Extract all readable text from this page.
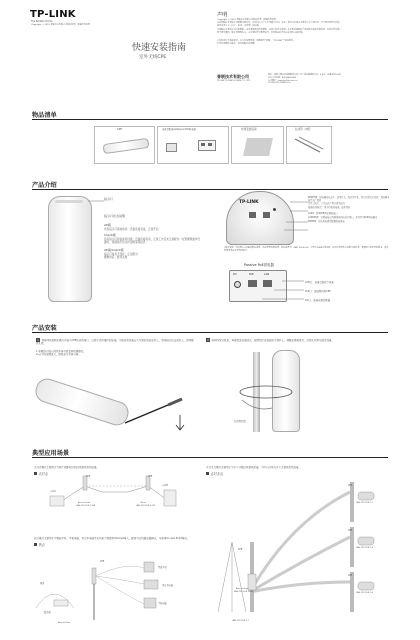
TP-LINK
The Reliable Choice
Copyright © 2015 普联技术有限公司版权所有，保留所有权利
快速安装指南
室外无线CPE
声明
Copyright © 2015 普联技术有限公司版权所有，保留所有权利
未经普联技术有限公司明确书面许可，任何单位或个人不得擅自仿制、复制、誊抄或转译本手册部分或全部内容，且不得以营利为目的
进行任何方式（电子、影印、录制等）的传播。
为普联技术有限公司注册商标。本手册提及的所有商标，由各自所有人拥有。本手册所提到的产品规格和资讯仅供参考，如有内容更新，
恕不另行通知。除非有特殊约定，本手册仅作为使用指导，所作陈述均不构成任何形式的担保。
安装前请先下载并阅读，在安装和使用前，请确保有"普联"、"TP-LINK"产品和附件，
若有任何损坏或缺失，请及时联系经销商。
普联技术有限公司
TP-LINK TECHNOLOGIES CO., LTD.
地址：深圳市南山区深南路科技园工业厂房24栋南段1层、3-5层、28栋北段1-4层
技术支持热线：400-8863-400
公司网址：www.tp-link.com.cn
7103501753 REV1.0.0
物品清单
CPE	电源适配器+Passive PoE供电器	快速安装指南	扎线带（2根）
产品介绍
指示灯
指示灯状态说明
AP模
所有指示灯保持常亮：设备连接有线，正常开启
Client模
所有指示灯同步常亮闪烁：设备连接有线，正常工作且未正常配对（在管理界面中设置时，将提供打包文件说明等等信息）
AP模/Client模
指示灯常亮不变化：正在配对
要修改后：配对失败
TP-LINK
RESET键：设备通电状态下，使用针头，按住复位孔，指示灯熄灭后松开，设备即可恢复出厂设置
复位完成后，产品以出厂默认配置运行
接地孔/地防雷：用于将机壳接地，保护设备
LAN1：提供PoE供电网络接口
LAN2/PoE：可供连接有线网络设备的以太网口，也可作为PoE供电输出
POWER：可使用电源适配器直接供电
*提示说明：要设置端口参数的默认设置，请在配置界面设置，默认设置为：MAC 00-00-00，分别为 RESET等功能，指示灯使用状态和附带资料等，普通用户请参考说明书，更改设置请务必参考官网指导。
Passive PoE供电器
DC	PoE	LAN
LAN口：连接交换机等设备
PoE口：连接网线到CPE
DC口：连接电源适配器
产品安装
1 请将网线按照正确方式接入CPE机壳的接口，以便于后续维护的连接。为保证将设备长久可靠的安装在杆上，请将接头拉出或杆上，使用配件扎紧。
1.将螺丝刀插入网线壳体与底盖间的缝隙处。
2.向下按压螺丝刀，使底盖与壳体分离。
2 将网线穿过底盖，再将底盖安装回去，按照图示安装固定于抱杆上，调整正确角度后，拧紧扎线带以固定设备。
扎线带固定
典型应用场景
点对点
点对点模式主要用于为两个相距较远的区域提供有线连接。
小区A
小区B
CPE	CPE
Access Point
LAN:192.168.1.254
Client
LAN:192.168.1.253
热点
热点模式主要用于为智能手机、平板电脑、笔记本电脑等无线客户端提供Internet接入，配置为无线路由器模式，可使用Access Point模式。
CPE
Access Point
路由器
智能手机
笔记本电脑
平板电脑
网络
点对多点
点对多点模式主要用于为多个分散区域提供桥接，为中心区域与多个点提供有线连接。
CPE
Access Point
LAN:192.168.1.254
LAN:192.168.1.1
CPE
LAN:192.168.1.2
CPE
LAN:192.168.1.3
CPE
LAN:192.168.1.4
